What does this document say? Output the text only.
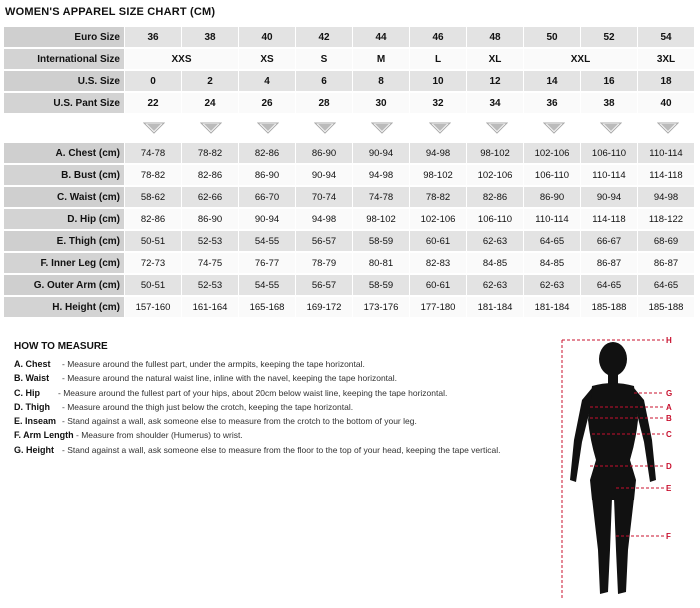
WOMEN'S APPAREL SIZE CHART (CM)
Euro Size	36	38	40	42	44	46	48	50	52	54
International Size	XXS		XS	S	M	L	XL	XXL		3XL
U.S. Size	0	2	4	6	8	10	12	14	16	18
U.S. Pant Size	22	24	26	28	30	32	34	36	38	40
A. Chest (cm)	74-78	78-82	82-86	86-90	90-94	94-98	98-102	102-106	106-110	110-114
B. Bust (cm)	78-82	82-86	86-90	90-94	94-98	98-102	102-106	106-110	110-114	114-118
C. Waist (cm)	58-62	62-66	66-70	70-74	74-78	78-82	82-86	86-90	90-94	94-98
D. Hip (cm)	82-86	86-90	90-94	94-98	98-102	102-106	106-110	110-114	114-118	118-122
E. Thigh (cm)	50-51	52-53	54-55	56-57	58-59	60-61	62-63	64-65	66-67	68-69
F. Inner Leg (cm)	72-73	74-75	76-77	78-79	80-81	82-83	84-85	84-85	86-87	86-87
G. Outer Arm (cm)	50-51	52-53	54-55	56-57	58-59	60-61	62-63	62-63	64-65	64-65
H. Height (cm)	157-160	161-164	165-168	169-172	173-176	177-180	181-184	181-184	185-188	185-188
HOW TO MEASURE
A. Chest	- Measure around the fullest part, under the armpits, keeping the tape horizontal.
B. Waist	- Measure around the natural waist line, inline with the navel, keeping the tape horizontal.
C. Hip	- Measure around the fullest part of your hips, about 20cm below waist line, keeping the tape horizontal.
D. Thigh	- Measure around the thigh just below the crotch, keeping the tape horizontal.
E. Inseam - Stand against a wall, ask someone else to measure from the crotch to the bottom of your leg.
F. Arm Length - Measure from shoulder (Humerus) to wrist.
G. Height - Stand against a wall, ask someone else to measure from the floor to the top of your head, keeping the tape vertical.
H
G
A
B
C
D
E
F
